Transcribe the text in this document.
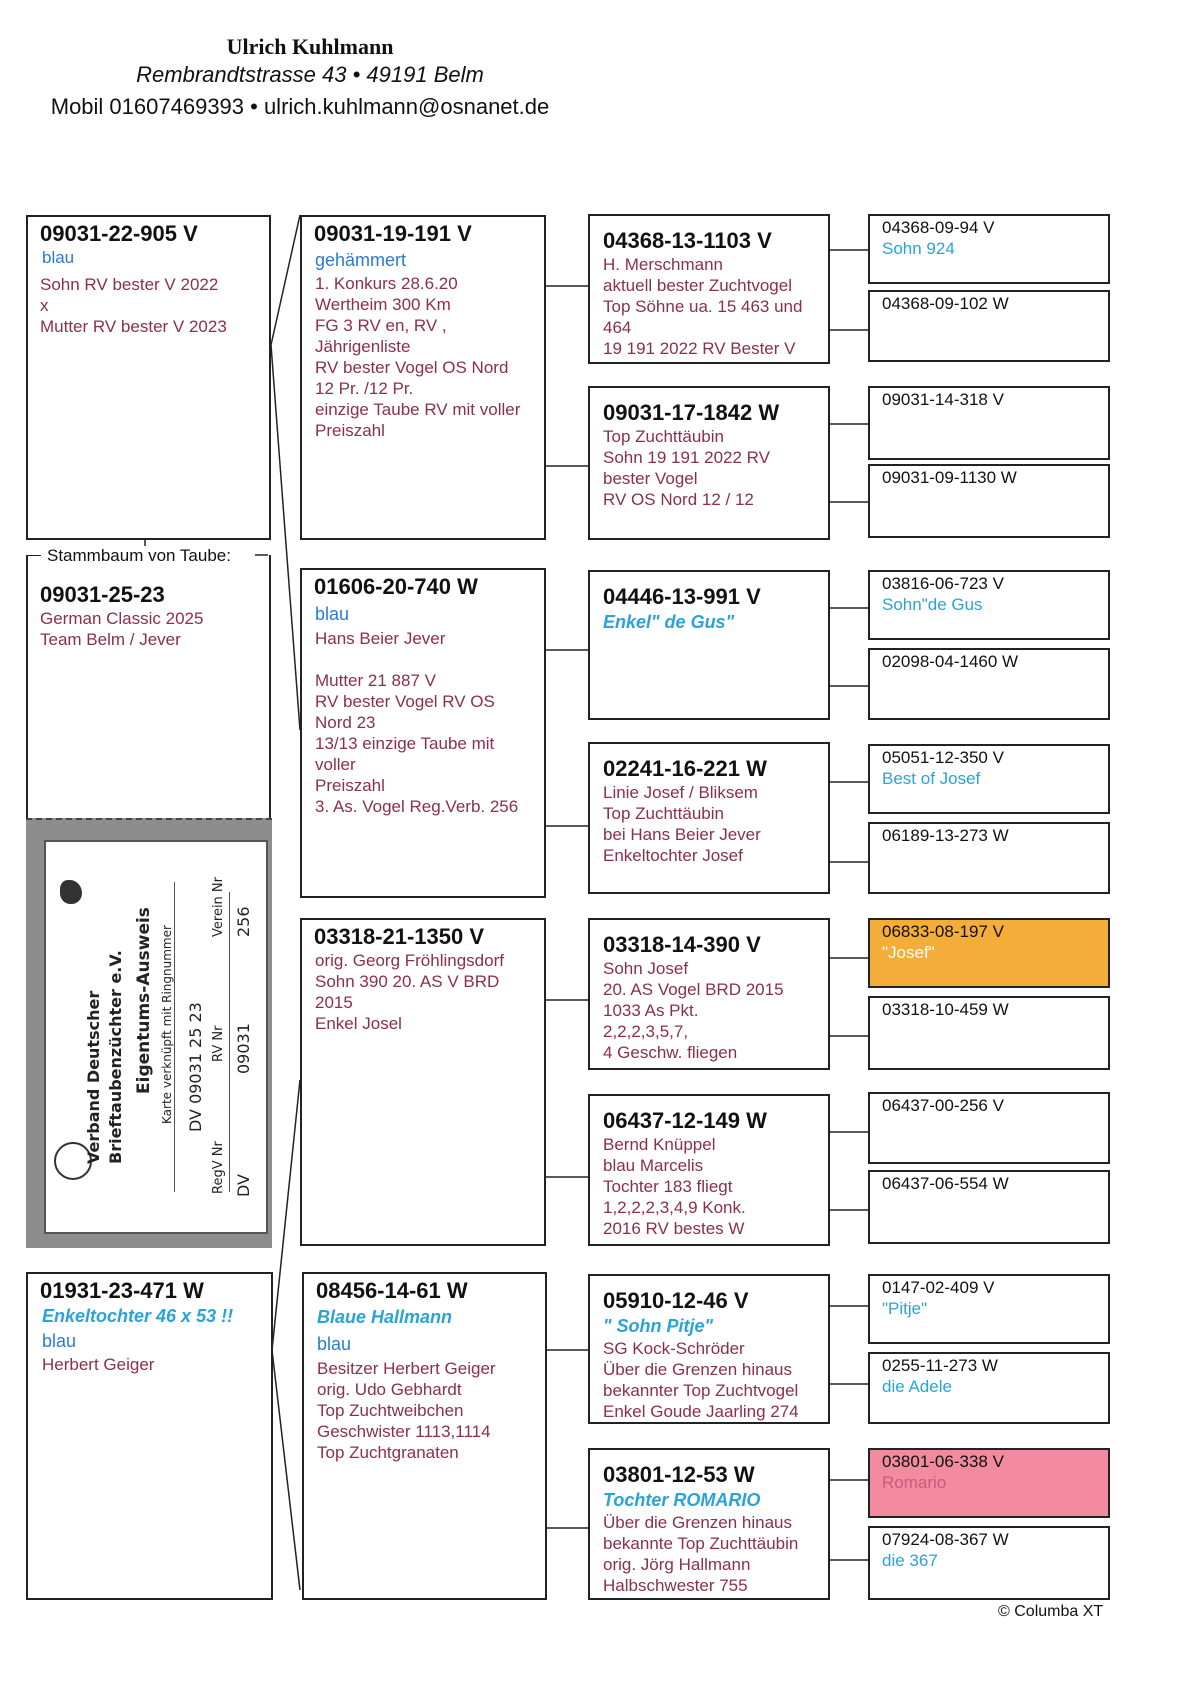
Ulrich Kuhlmann
Rembrandtstrasse 43 • 49191 Belm
Mobil 01607469393 • ulrich.kuhlmann@osnanet.de
09031-22-905 V
blau
Sohn RV bester V 2022
x
Mutter RV bester V 2023
09031-25-23
German Classic 2025
Team Belm / Jever
Stammbaum von Taube:
Verband Deutscher Brieftaubenzüchter e.V. Eigentums-Ausweis Karte verknüpft mit Ringnummer DV 09031 25 23
RegV Nr DV
RV Nr 09031
Verein Nr 256
01931-23-471 W
Enkeltochter 46 x 53 !!
blau
Herbert Geiger
09031-19-191 V
gehämmert
1. Konkurs 28.6.20
Wertheim 300 Km
FG 3 RV en, RV ,
Jährigenliste
RV bester Vogel OS Nord
12 Pr. /12 Pr.
einzige Taube RV mit voller
Preiszahl
01606-20-740 W
blau
Hans Beier Jever

Mutter 21 887 V
RV bester Vogel RV OS
Nord 23
13/13 einzige Taube mit
voller
Preiszahl
3. As. Vogel Reg.Verb. 256
03318-21-1350 V
orig. Georg Fröhlingsdorf
Sohn 390 20. AS V BRD
2015
Enkel Josel
08456-14-61 W
Blaue Hallmann
blau
Besitzer Herbert Geiger
orig. Udo Gebhardt
Top Zuchtweibchen
Geschwister 1113,1114
Top Zuchtgranaten
04368-13-1103 V
H. Merschmann
aktuell bester Zuchtvogel
Top Söhne ua. 15 463 und
464
19 191 2022 RV Bester V
09031-17-1842 W
Top Zuchttäubin
Sohn 19 191 2022 RV
bester Vogel
RV OS Nord 12 / 12
04446-13-991 V
Enkel" de Gus"
02241-16-221 W
Linie Josef / Bliksem
Top Zuchttäubin
bei Hans Beier Jever
Enkeltochter Josef
03318-14-390 V
Sohn Josef
20. AS Vogel BRD 2015
1033 As Pkt.
2,2,2,3,5,7,
4 Geschw. fliegen
06437-12-149 W
Bernd Knüppel
blau Marcelis
Tochter 183 fliegt
1,2,2,2,3,4,9 Konk.
2016 RV bestes W
05910-12-46 V
" Sohn Pitje"
SG Kock-Schröder
Über die Grenzen hinaus
bekannter Top Zuchtvogel
Enkel Goude Jaarling 274
03801-12-53 W
Tochter ROMARIO
Über die Grenzen hinaus
bekannte Top Zuchttäubin
orig. Jörg Hallmann
Halbschwester 755
04368-09-94 V
Sohn 924
04368-09-102 W
09031-14-318 V
09031-09-1130 W
03816-06-723 V
Sohn"de Gus
02098-04-1460 W
05051-12-350 V
Best of Josef
06189-13-273 W
06833-08-197 V
"Josef"
03318-10-459 W
06437-00-256 V
06437-06-554 W
0147-02-409 V
"Pitje"
0255-11-273 W
die Adele
03801-06-338 V
Romario
07924-08-367 W
die 367
© Columba XT
